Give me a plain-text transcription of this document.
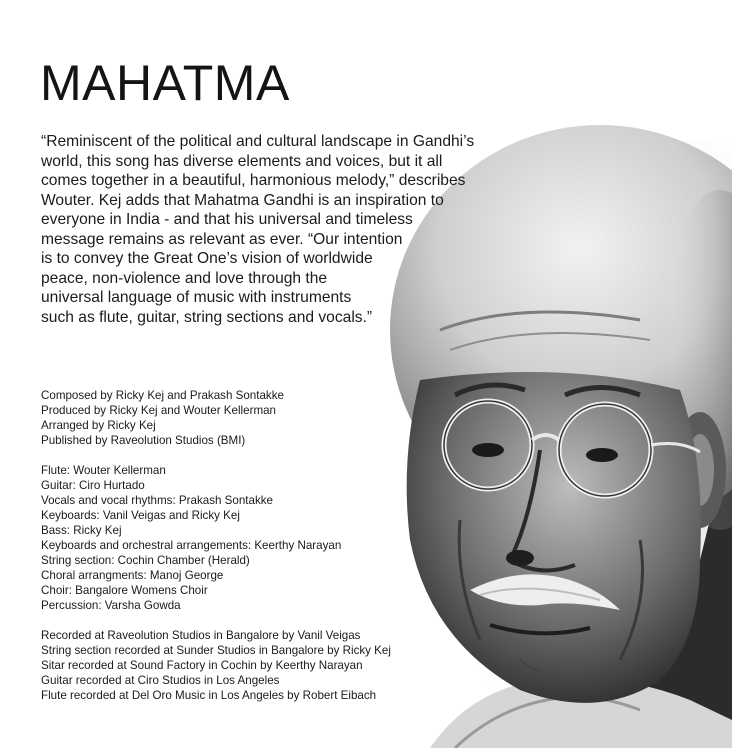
MAHATMA
“Reminiscent of the political and cultural landscape in Gandhi’s
world, this song has diverse elements and voices, but it all
comes together in a beautiful, harmonious melody,” describes
Wouter. Kej adds that Mahatma Gandhi is an inspiration to
everyone in India - and that his universal and timeless
message remains as relevant as ever. “Our intention
is to convey the Great One’s vision of worldwide
peace, non-violence and love through the
universal language of music with instruments
such as flute, guitar, string sections and vocals.”
Composed by Ricky Kej and Prakash Sontakke
Produced by Ricky Kej and Wouter Kellerman
Arranged by Ricky Kej
Published by Raveolution Studios (BMI)
Flute: Wouter Kellerman
Guitar: Ciro Hurtado
Vocals and vocal rhythms: Prakash Sontakke
Keyboards: Vanil Veigas and Ricky Kej
Bass: Ricky Kej
Keyboards and orchestral arrangements: Keerthy Narayan
String section: Cochin Chamber (Herald)
Choral arrangments: Manoj George
Choir: Bangalore Womens Choir
Percussion: Varsha Gowda
Recorded at Raveolution Studios in Bangalore by Vanil Veigas
String section recorded at Sunder Studios in Bangalore by Ricky Kej
Sitar recorded at Sound Factory in Cochin by Keerthy Narayan
Guitar recorded at Ciro Studios in Los Angeles
Flute recorded at Del Oro Music in Los Angeles by Robert Eibach
